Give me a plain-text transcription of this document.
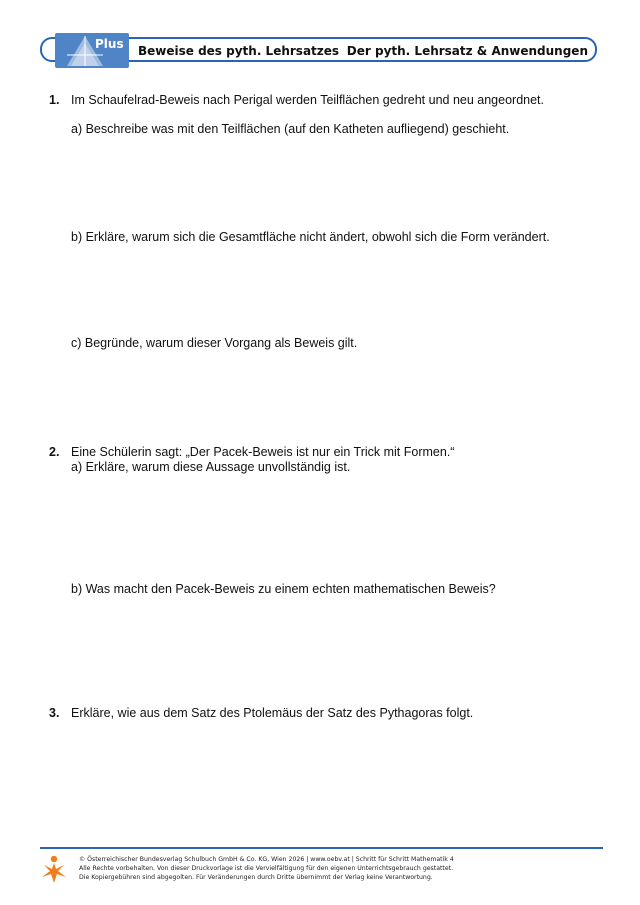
Plus Beweise des pyth. Lehrsatzes Der pyth. Lehrsatz & Anwendungen
1. Im Schaufelrad-Beweis nach Perigal werden Teilflächen gedreht und neu angeordnet.
a) Beschreibe was mit den Teilflächen (auf den Katheten aufliegend) geschieht.
b) Erkläre, warum sich die Gesamtfläche nicht ändert, obwohl sich die Form verändert.
c) Begründe, warum dieser Vorgang als Beweis gilt.
2. Eine Schülerin sagt: „Der Pacek-Beweis ist nur ein Trick mit Formen.“
a) Erkläre, warum diese Aussage unvollständig ist.
b) Was macht den Pacek-Beweis zu einem echten mathematischen Beweis?
3. Erkläre, wie aus dem Satz des Ptolemäus der Satz des Pythagoras folgt.
© Österreichischer Bundesverlag Schulbuch GmbH & Co. KG, Wien 2026 | www.oebv.at | Schritt für Schritt Mathematik 4
Alle Rechte vorbehalten. Von dieser Druckvorlage ist die Vervielfältigung für den eigenen Unterrichtsgebrauch gestattet.
Die Kopiergebühren sind abgegolten. Für Veränderungen durch Dritte übernimmt der Verlag keine Verantwortung.
